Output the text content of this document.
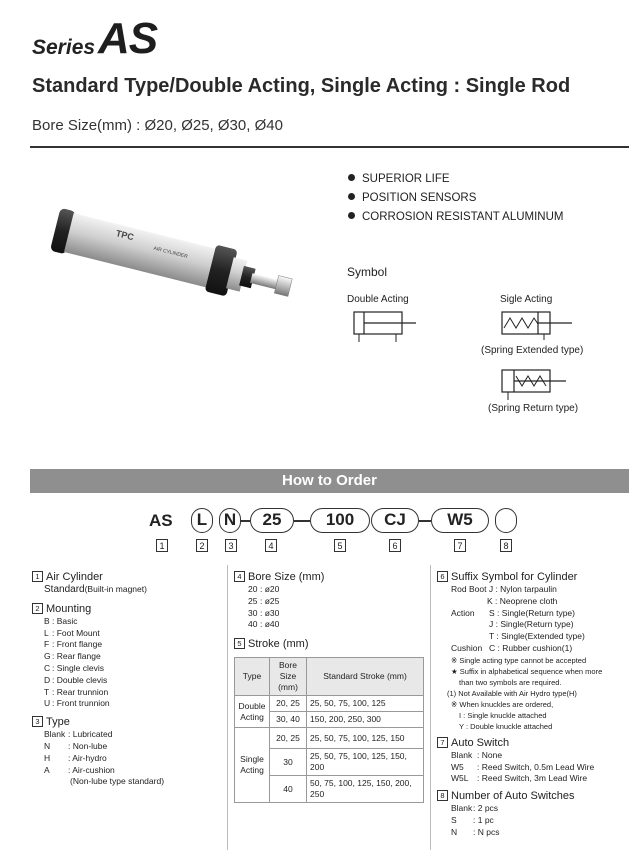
Series AS
Standard Type/Double Acting, Single Acting : Single Rod
Bore Size(mm) : Ø20, Ø25, Ø30, Ø40
TPC
AIR CYLINDER
SUPERIOR LIFE
POSITION SENSORS
CORROSION RESISTANT ALUMINUM
Symbol
Double Acting	Sigle Acting
(Spring Extended type)
(Spring Return type)
How to Order
AS	L N	25	100	CJ	W5
1	2	3	4	5	6	7	8
1 Air Cylinder
Standard(Built-in magnet)
2 Mounting
B : Basic
L : Foot Mount
F : Front flange
G: Rear flange
C : Single clevis
D : Double clevis
T : Rear trunnion
U : Front trunnion
3 Type
Blank : Lubricated
N : Non-lube
H : Air-hydro
A : Air-cushion
(Non-lube type standard)
4 Bore Size (mm)
20 : ø20
25 : ø25
30 : ø30
40 : ø40
5 Stroke (mm)
Type	Bore Size (mm)	Standard Stroke (mm)
Double Acting	20, 25	25, 50, 75, 100, 125
	30, 40	150, 200, 250, 300
Single Acting	20, 25	25, 50, 75, 100, 125, 150
	30	25, 50, 75, 100, 125, 150, 200
	40	50, 75, 100, 125, 150, 200, 250
6 Suffix Symbol for Cylinder
Rod Boot J : Nylon tarpaulin
K : Neoprene cloth
Action S : Single(Return type)
J : Single(Return type)
T : Single(Extended type)
Cushion C : Rubber cushion(1)
※ Single acting type cannot be accepted
★ Suffix in alphabetical sequence when more
than two symbols are required.
(1) Not Available with Air Hydro type(H)
※ When knuckles are ordered,
I : Single knuckle attached
Y : Double knuckle attached
7 Auto Switch
Blank : None
W5 : Reed Switch, 0.5m Lead Wire
W5L : Reed Switch, 3m Lead Wire
8 Number of Auto Switches
Blank: 2 pcs
S : 1 pc
N : N pcs
